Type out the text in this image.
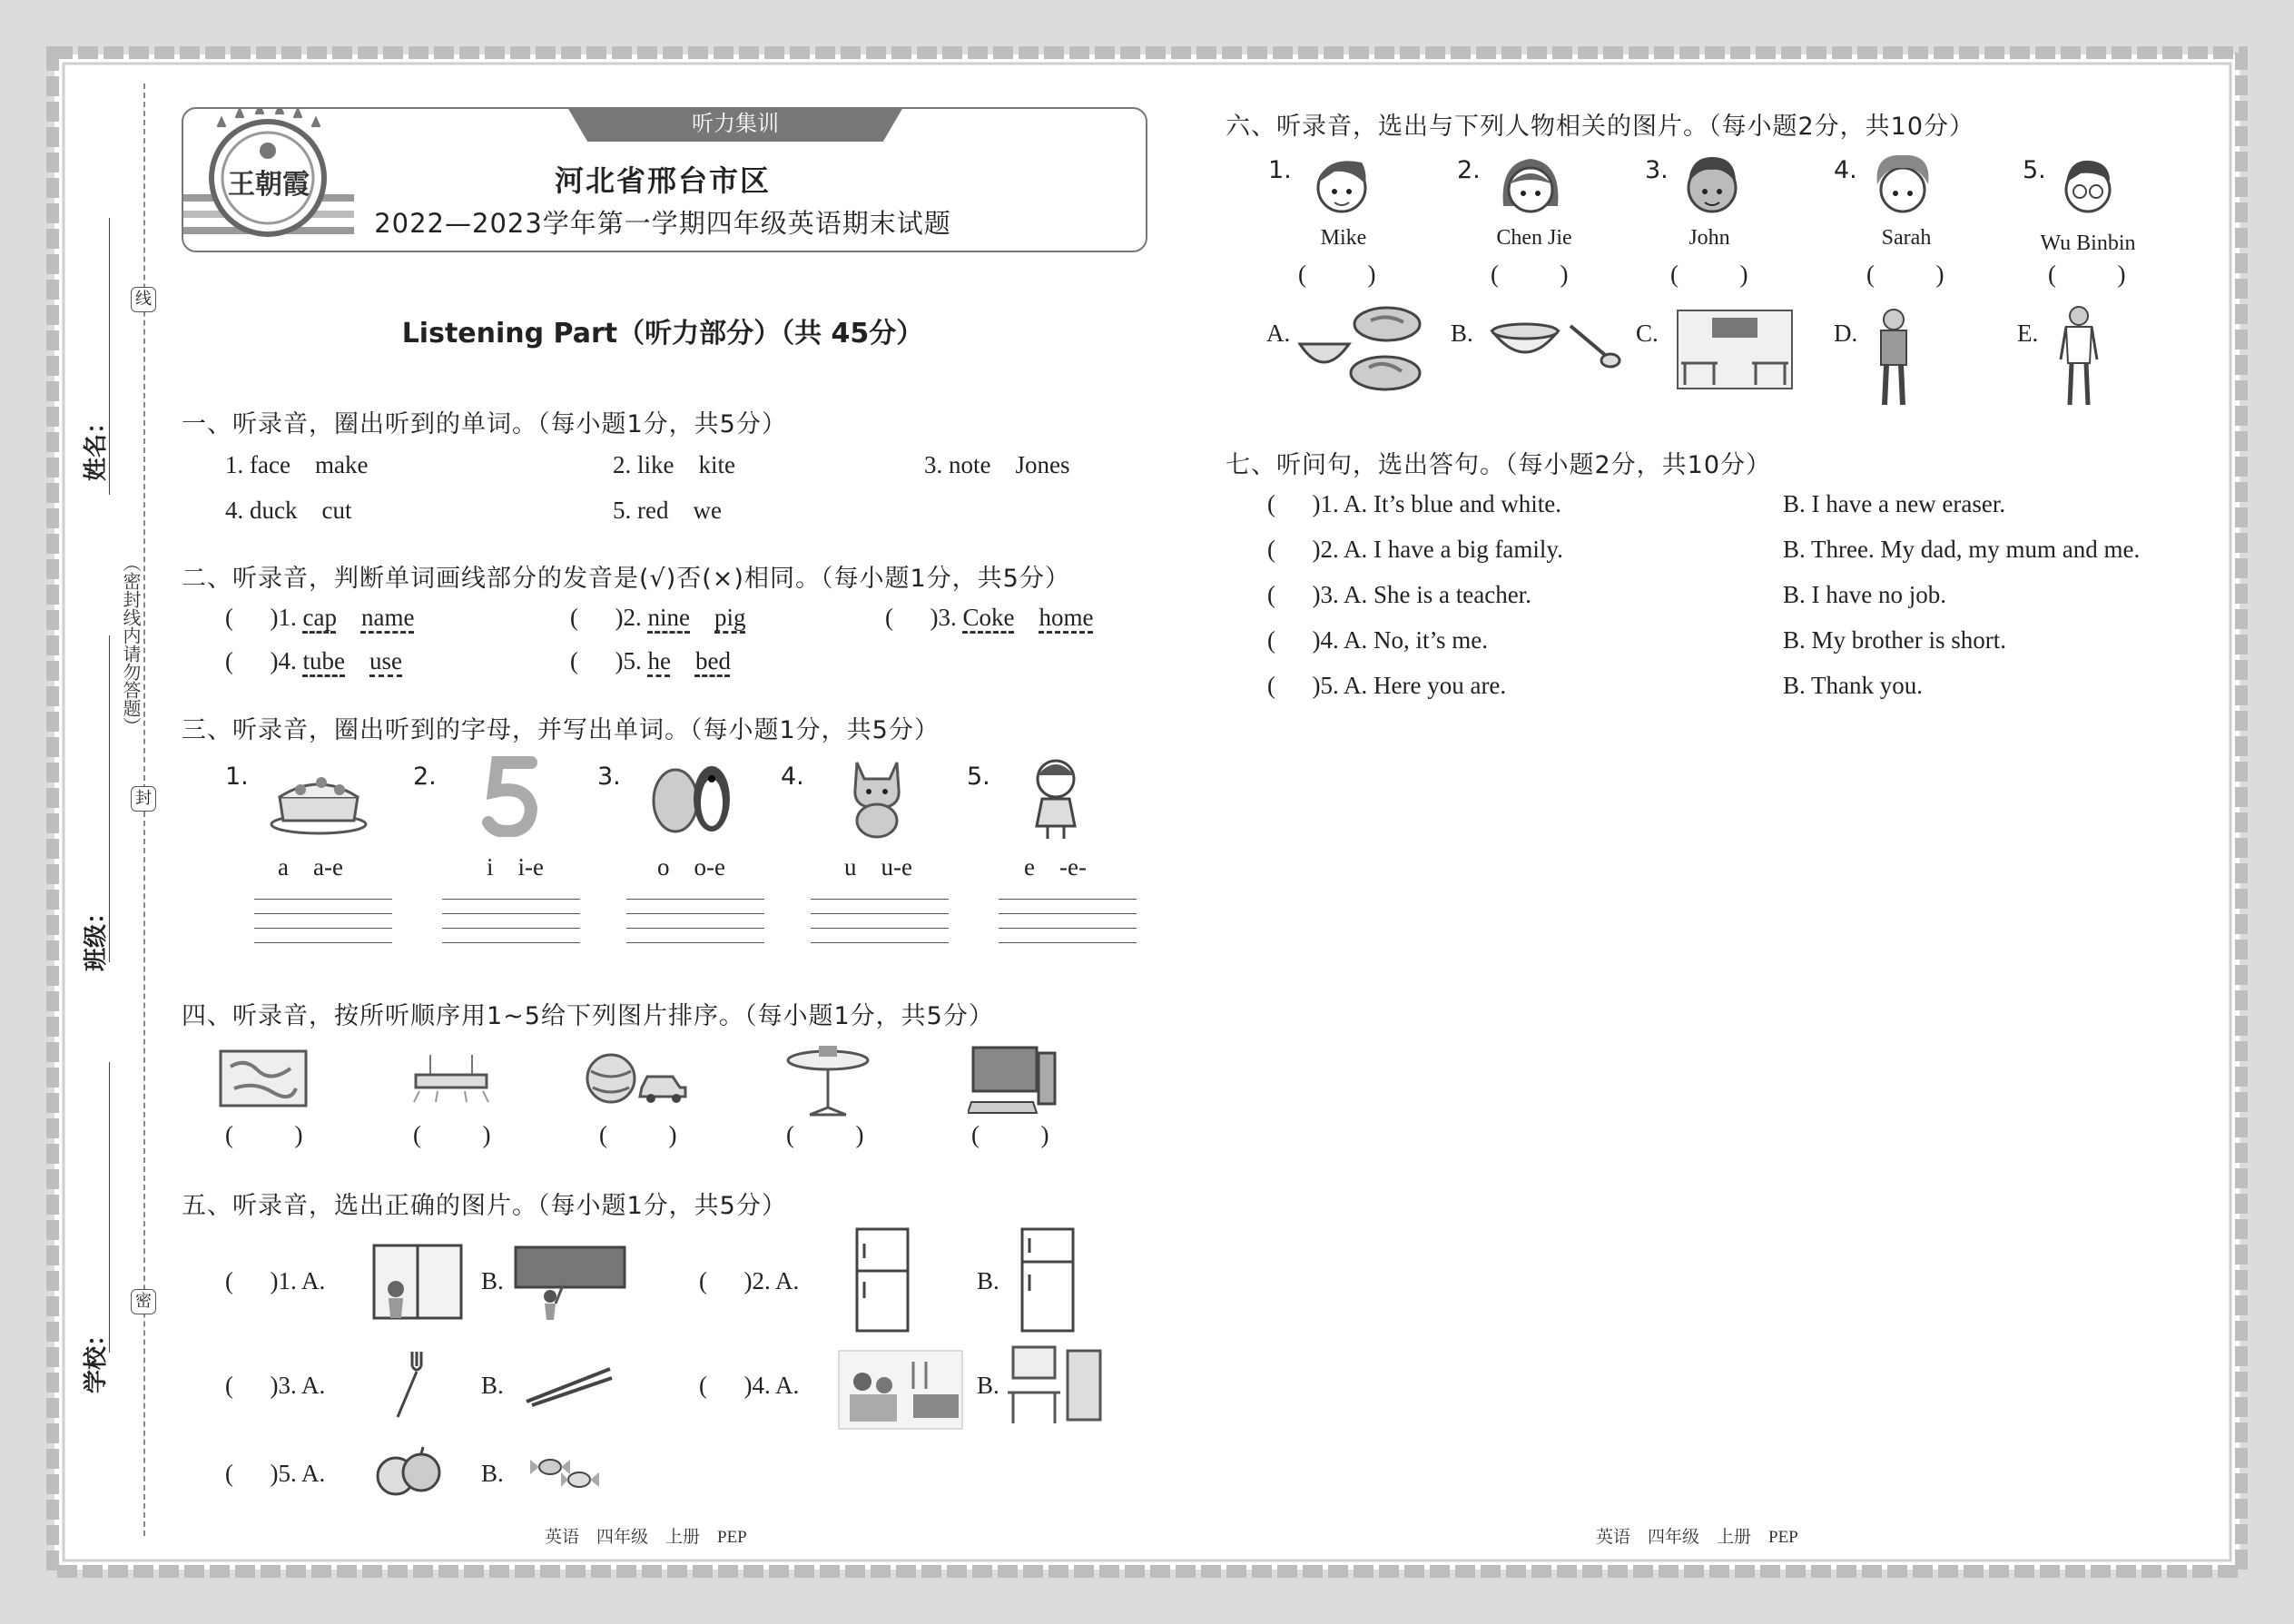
线
封
密
（密封线内请勿答题）
姓名：
班级：
学校：
听力集训
王朝霞	河北省邢台市区
2022—2023学年第一学期四年级英语期末试题
Listening Part（听力部分）（共 45分）
一、听录音，圈出听到的单词。（每小题1分，共5分）
1. face make	2. like kite	3. note Jones
4. duck cut	5. red we
二、听录音，判断单词画线部分的发音是(√)否(×)相同。（每小题1分，共5分）
(      )1. cap name	(      )2. nine pig	(      )3. Coke home
(      )4. tube use	(      )5. he bed
三、听录音，圈出听到的字母，并写出单词。（每小题1分，共5分）
1.	2.	3.	4.	5.
a    a-e	i    i-e	o    o-e	u    u-e	e    -e-
四、听录音，按所听顺序用1~5给下列图片排序。（每小题1分，共5分）
(          )	(          )	(          )	(          )	(          )
五、听录音，选出正确的图片。（每小题1分，共5分）
( )1. A.	B.	( )2. A.	B.
( )3. A.	B.	( )4. A.	B.
( )5. A.	B.
六、听录音，选出与下列人物相关的图片。（每小题2分，共10分）
1.	2.	3.	4.	5.
Mike	Chen Jie	John	Sarah	Wu Binbin
(          )	(          )	(          )	(          )	(          )
A.	B.	C.	D.	E.
七、听问句，选出答句。（每小题2分，共10分）
(      )1. A. It’s blue and white.	B. I have a new eraser.
(      )2. A. I have a big family.	B. Three. My dad, my mum and me.
(      )3. A. She is a teacher.	B. I have no job.
(      )4. A. No, it’s me.	B. My brother is short.
(      )5. A. Here you are.	B. Thank you.
英语    四年级    上册    PEP	英语    四年级    上册    PEP
